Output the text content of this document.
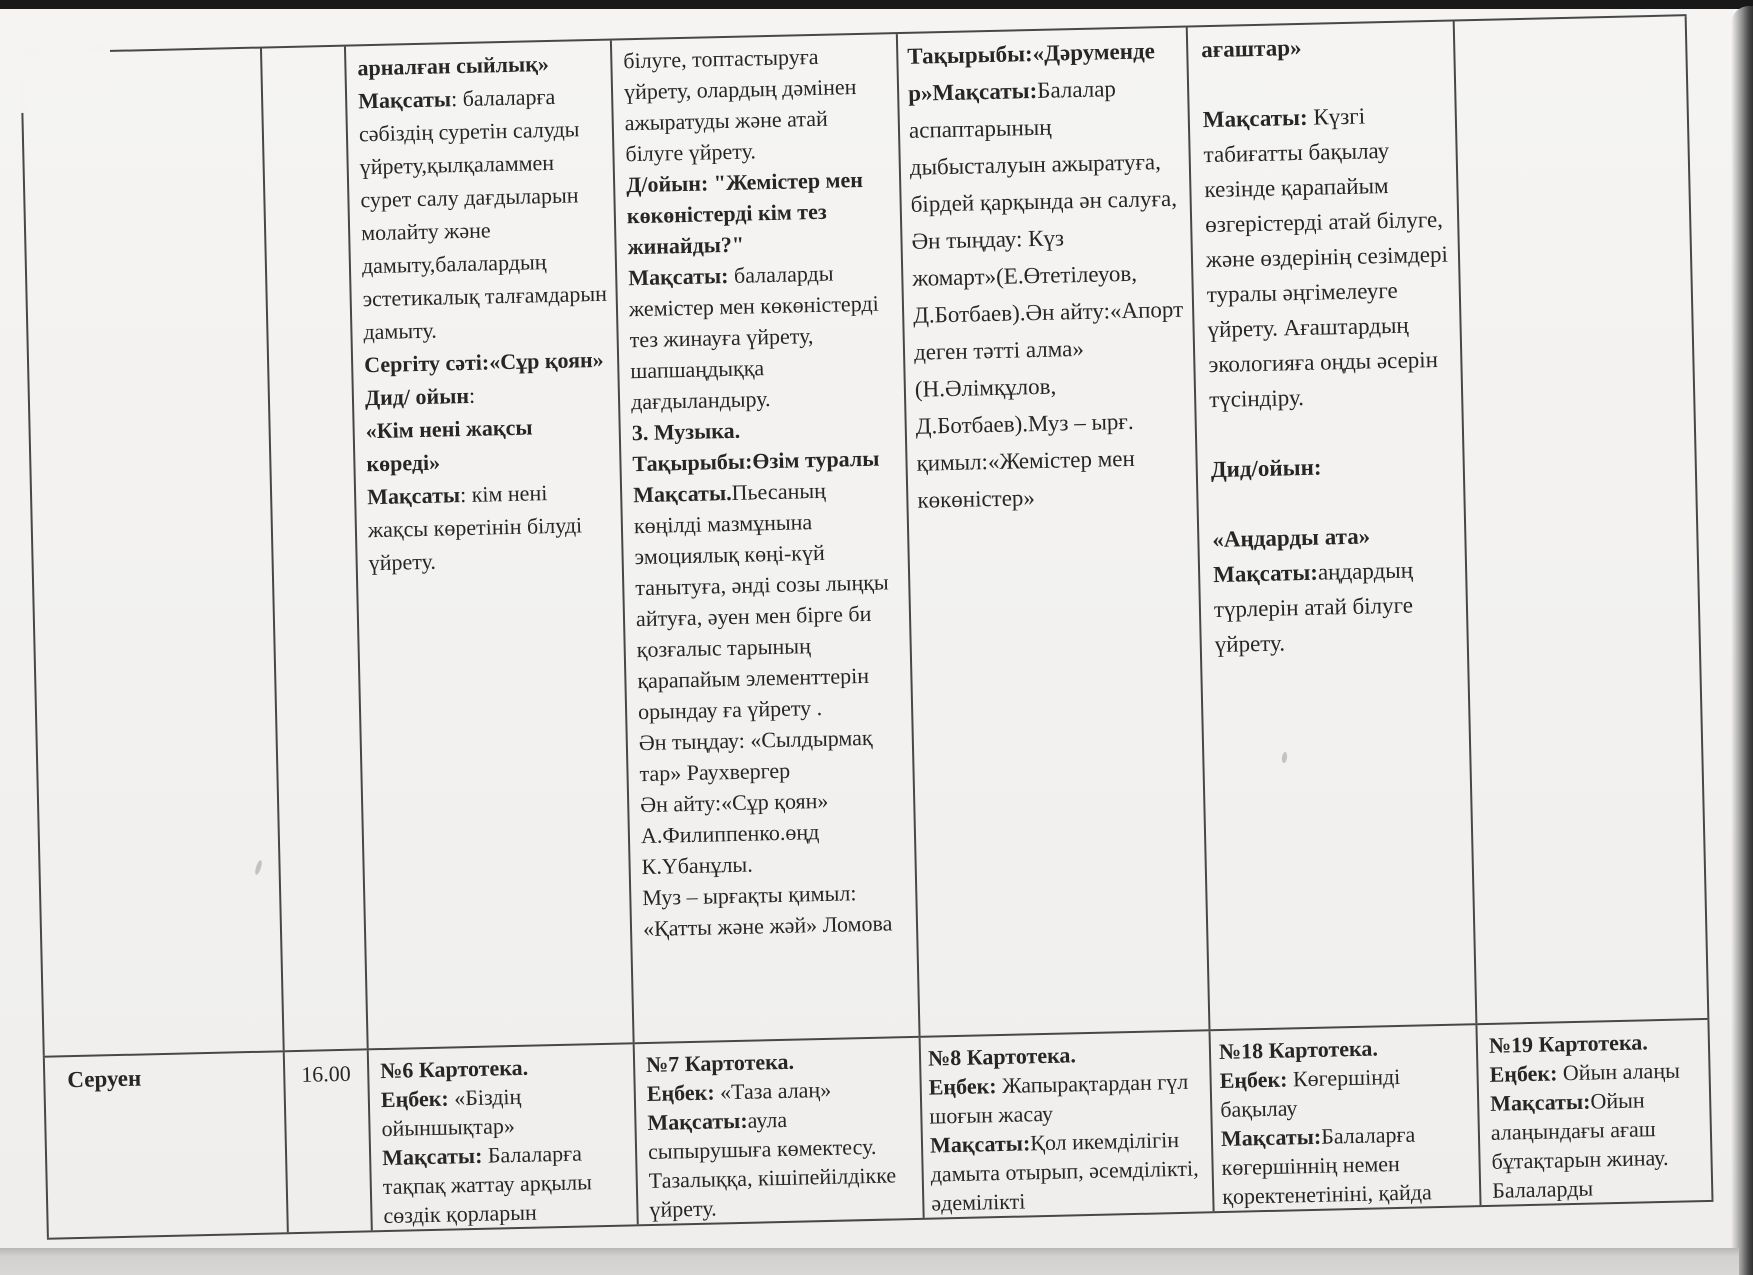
арналған сыйлық»
Мақсаты: балаларға сәбіздің суретін салуды үйрету,қылқаламмен сурет салу дағдыларын молайту және дамыту,балалардың эстетикалық талғамдарын дамыту.
Сергіту сәті:«Сұр қоян»
Дид/ ойын:
«Кім нені жақсы көреді»
Мақсаты: кім нені жақсы көретінін білуді үйрету.
білуге, топтастыруға үйрету, олардың дәмінен ажыратуды және атай білуге үйрету.
Д/ойын: "Жемістер мен көкөністерді кім тез жинайды?"
Мақсаты: балаларды жемістер мен көкөністерді тез жинауға үйрету, шапшаңдыққа дағдыландыру.
3. Музыка.
Тақырыбы:Өзім туралы
Мақсаты.Пьесаның көңілді мазмұнына эмоциялық көңі-күй танытуға, әнді созы лыңқы айтуға, әуен мен бірге би қозғалыс тарының қарапайым элементтерін орындау ға үйрету .
Ән тыңдау: «Сылдырмақ тар» Раухвергер
Ән айту:«Сұр қоян» А.Филиппенко.өңд К.Үбанұлы.
Муз – ырғақты қимыл: «Қатты және жәй» Ломова
Тақырыбы:«Дәруменде р»Мақсаты:Балалар аспаптарының дыбысталуын ажыратуға, бірдей қарқында ән салуға, Ән тыңдау: Күз жомарт»(Е.Өтетілеуов, Д.Ботбаев).Ән айту:«Апорт деген тәтті алма» (Н.Әлімқұлов, Д.Ботбаев).Муз – ырғ. қимыл:«Жемістер мен көкөністер»
ағаштар»

Мақсаты: Күзгі табиғатты бақылау кезінде қарапайым өзгерістерді атай білуге, және өздерінің сезімдері туралы әңгімелеуге үйрету. Ағаштардың экологияға оңды әсерін түсіндіру.

Дид/ойын:

«Аңдарды ата»
Мақсаты:аңдардың түрлерін атай білуге үйрету.
Серуен	16.00	№6 Картотека.
Еңбек: «Біздің ойыншықтар»
Мақсаты: Балаларға тақпақ жаттау арқылы сөздік қорларын
№7 Картотека.
Еңбек: «Таза алаң»
Мақсаты:аула сыпырушыға көмектесу. Тазалыққа, кішіпейілдікке үйрету.
№8 Картотека.
Еңбек: Жапырақтардан гүл шоғын жасау
Мақсаты:Қол икемділігін дамыта отырып, әсемділікті, әдемілікті
№18 Картотека.
Еңбек: Көгершінді бақылау
Мақсаты:Балаларға көгершіннің немен қоректенетініні, қайда
№19 Картотека.
Еңбек: Ойын алаңы
Мақсаты:Ойын алаңындағы ағаш бұтақтарын жинау.
Балаларды
